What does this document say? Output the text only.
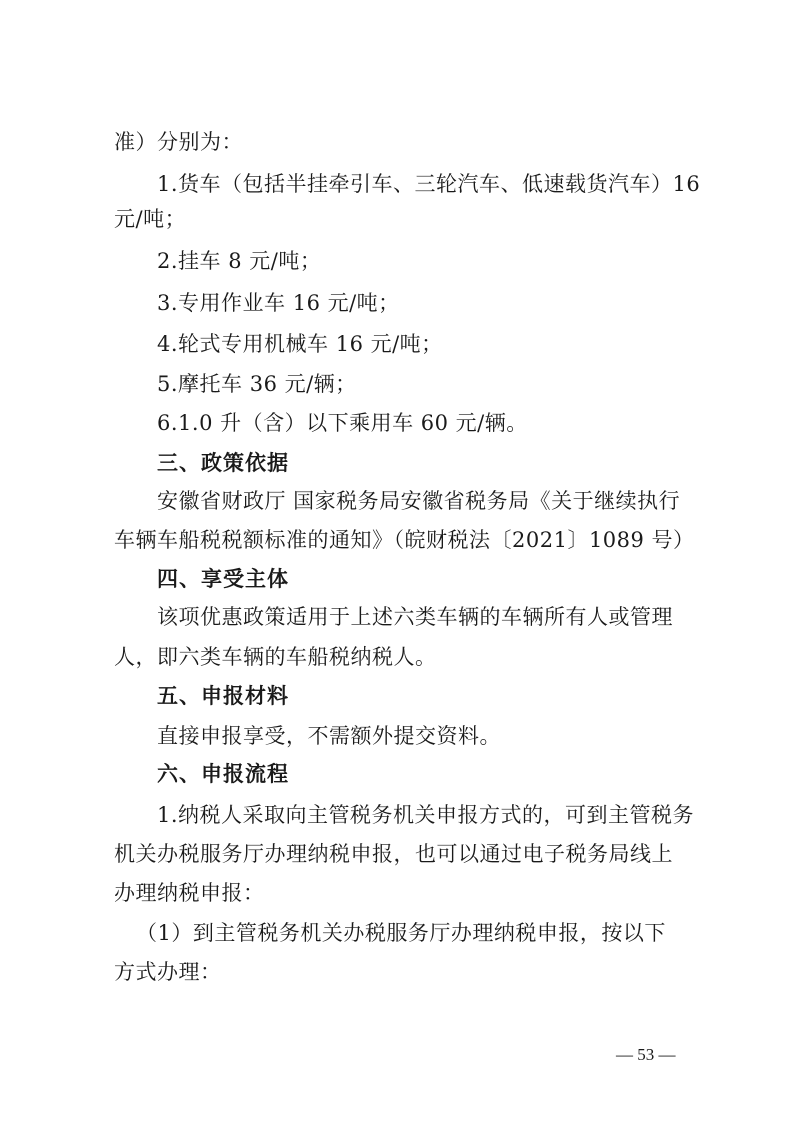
准）分别为：
1.货车（包括半挂牵引车、三轮汽车、低速载货汽车）16
元/吨；
2.挂车 8 元/吨；
3.专用作业车 16 元/吨；
4.轮式专用机械车 16 元/吨；
5.摩托车 36 元/辆；
6.1.0 升（含）以下乘用车 60 元/辆。
三、政策依据
安徽省财政厅 国家税务局安徽省税务局《关于继续执行
车辆车船税税额标准的通知》（皖财税法〔2021〕1089 号）
四、享受主体
该项优惠政策适用于上述六类车辆的车辆所有人或管理
人，即六类车辆的车船税纳税人。
五、申报材料
直接申报享受，不需额外提交资料。
六、申报流程
1.纳税人采取向主管税务机关申报方式的，可到主管税务
机关办税服务厅办理纳税申报，也可以通过电子税务局线上
办理纳税申报：
（1）到主管税务机关办税服务厅办理纳税申报，按以下
方式办理：
— 53 —
